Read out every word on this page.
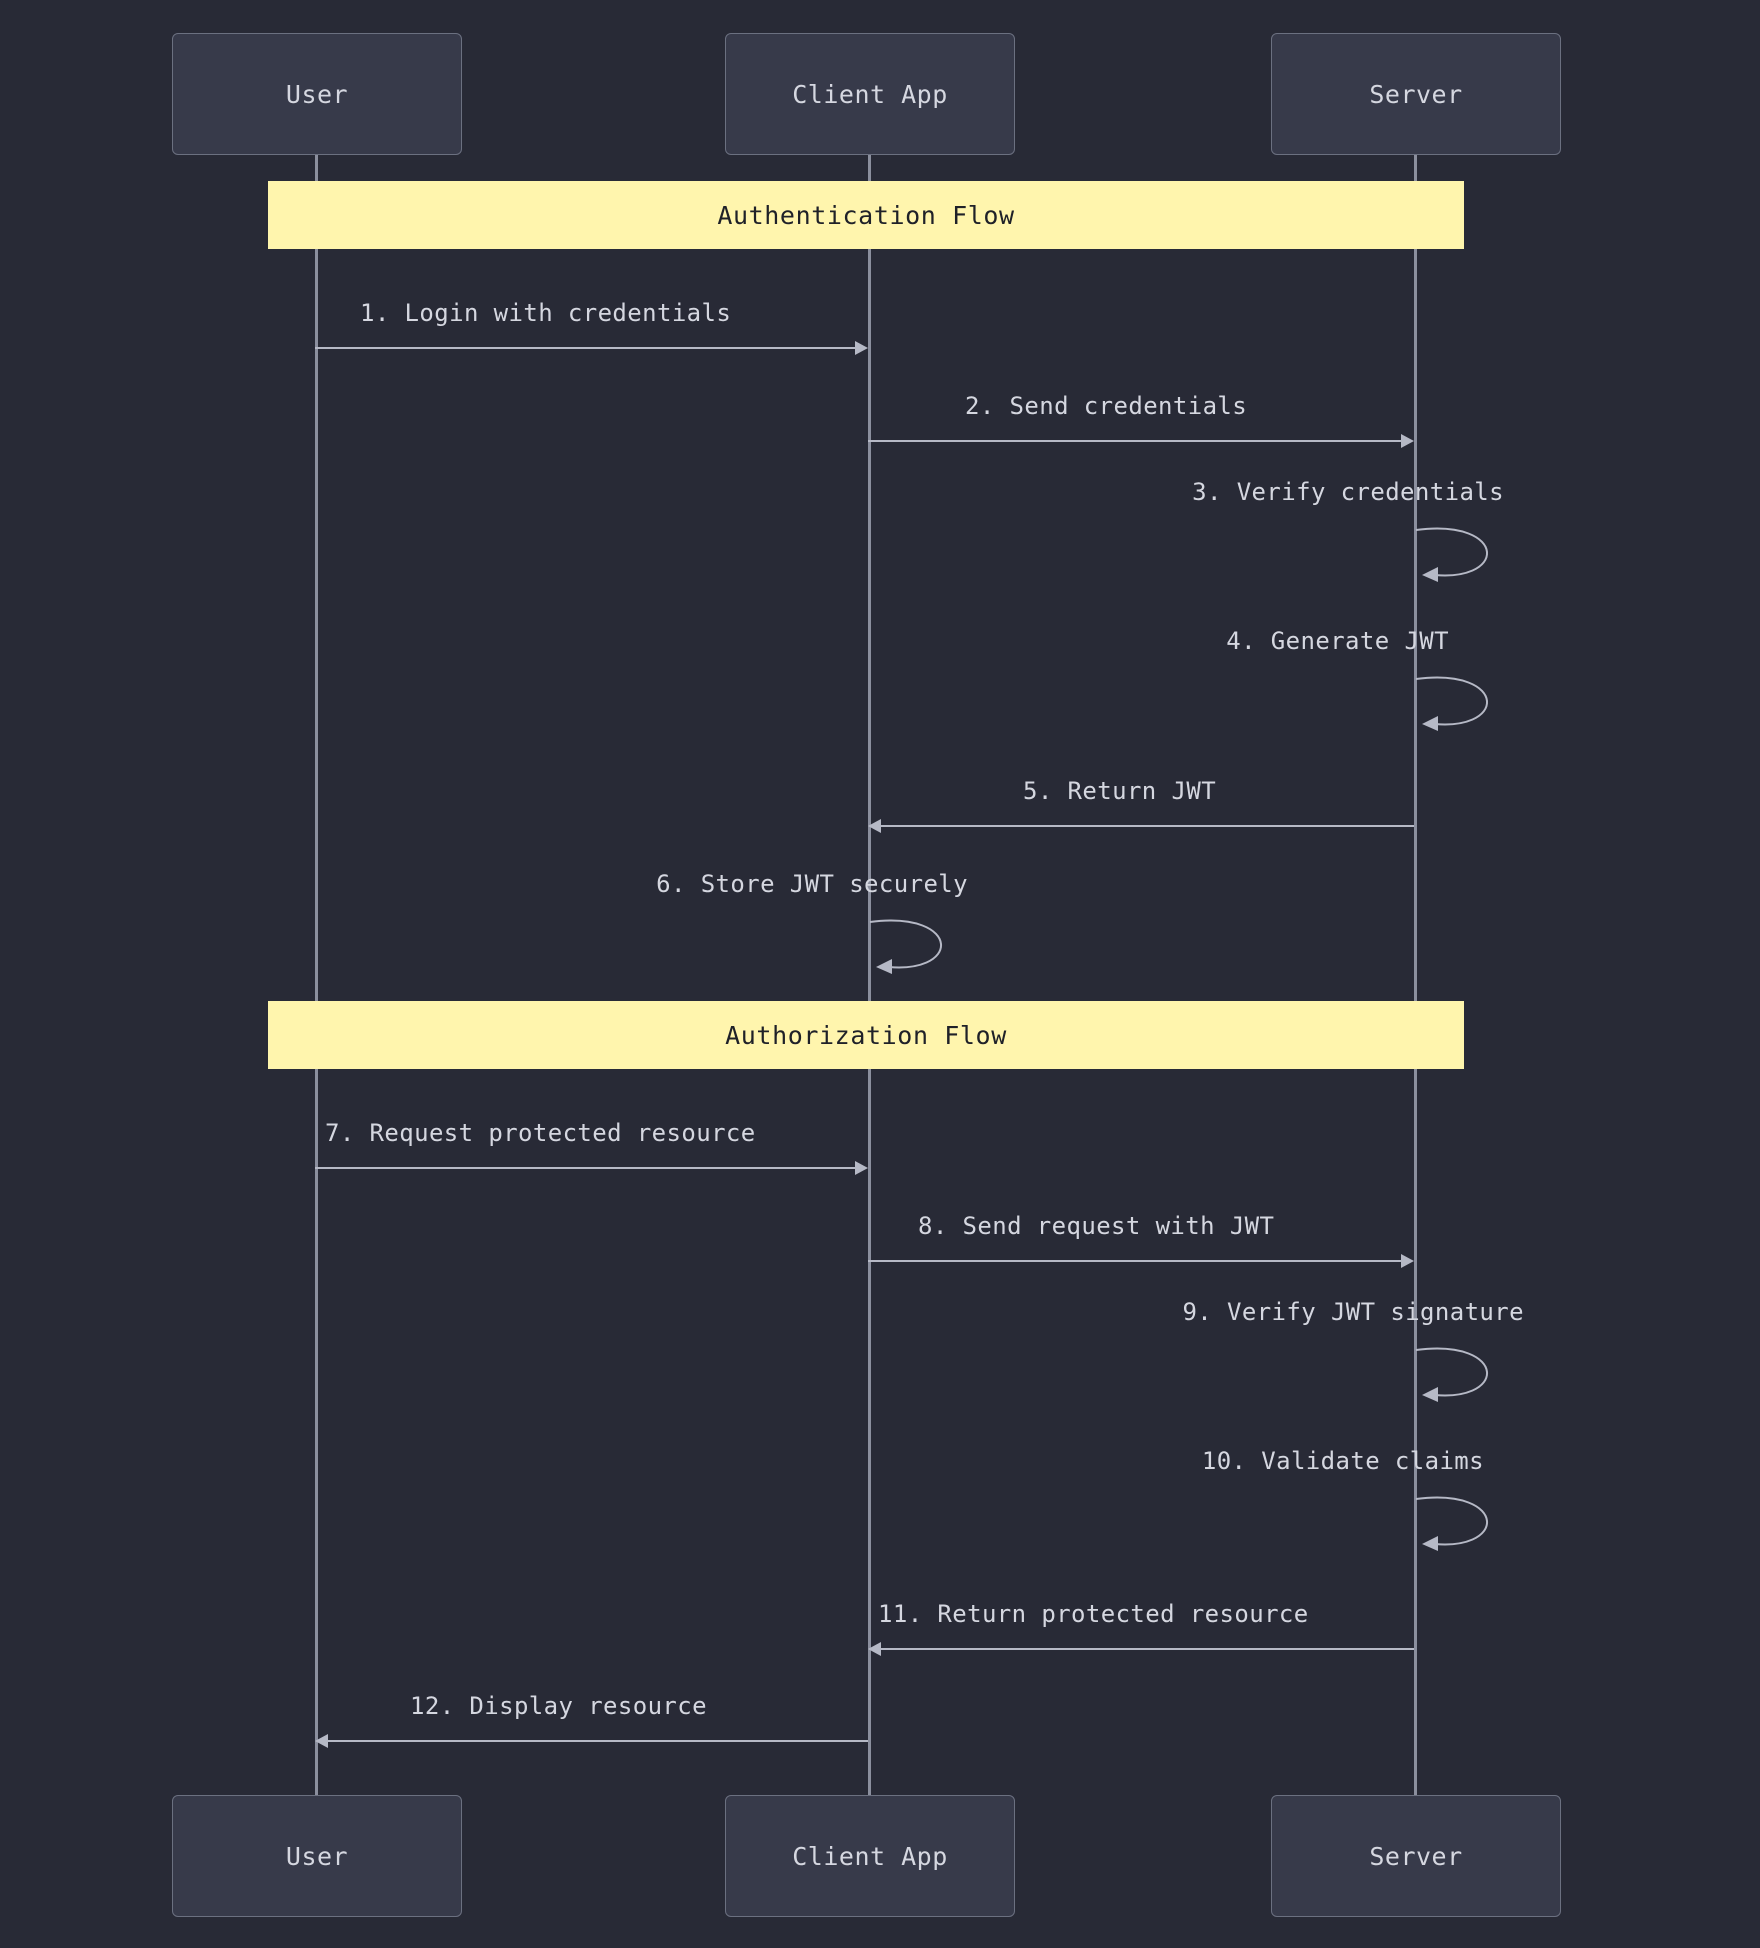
User	Client App	Server
Authentication Flow
1. Login with credentials
2. Send credentials
3. Verify credentials
4. Generate JWT
5. Return JWT
6. Store JWT securely
Authorization Flow
7. Request protected resource
8. Send request with JWT
9. Verify JWT signature
10. Validate claims
11. Return protected resource
12. Display resource
User	Client App	Server
